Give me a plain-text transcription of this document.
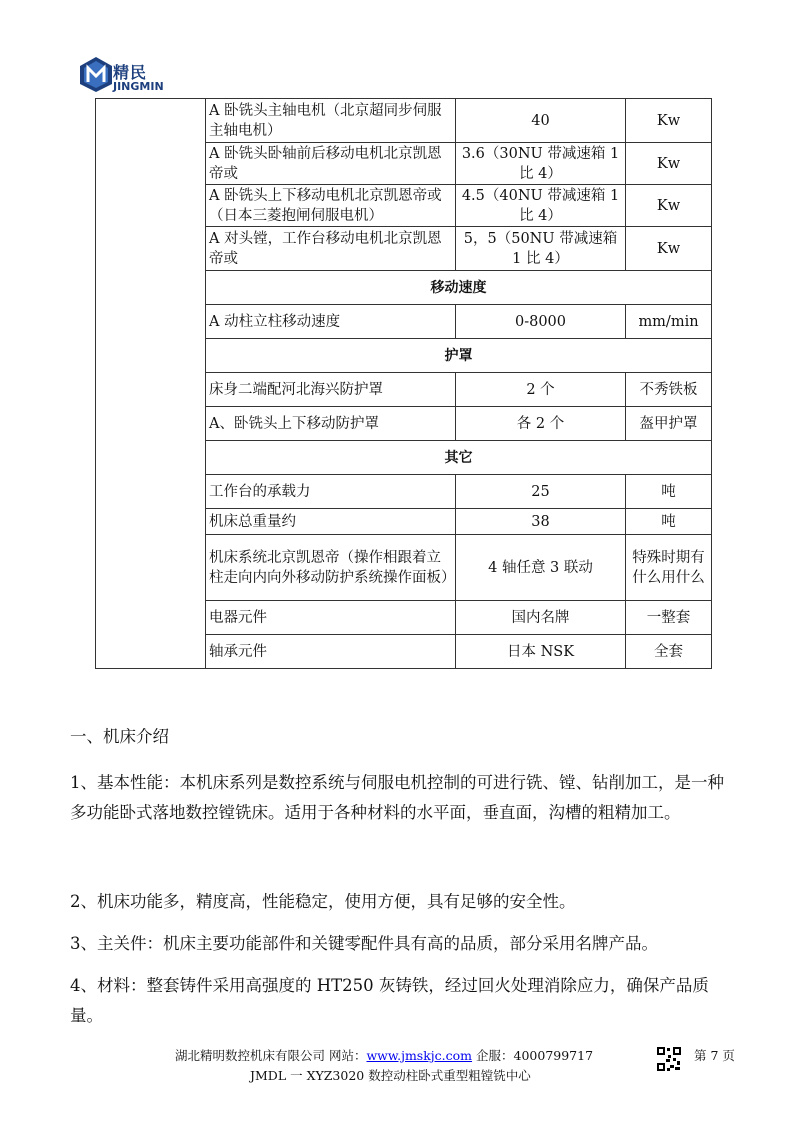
精民
JINGMIN
	A 卧铣头主轴电机（北京超同步伺服主轴电机）	40	Kw
	A 卧铣头卧轴前后移动电机北京凯恩帝或	3.6（30NU 带减速箱 1 比 4）	Kw
	A 卧铣头上下移动电机北京凯恩帝或（日本三菱抱闸伺服电机）	4.5（40NU 带减速箱 1 比 4）	Kw
	A 对头镗，工作台移动电机北京凯恩帝或	5，5（50NU 带减速箱 1 比 4）	Kw
	移动速度		
	A 动柱立柱移动速度	0-8000	mm/min
	护罩		
	床身二端配河北海兴防护罩	2 个	不秀铁板
	A、卧铣头上下移动防护罩	各 2 个	盔甲护罩
	其它		
	工作台的承载力	25	吨
	机床总重量约	38	吨
	机床系统北京凯恩帝（操作相跟着立柱走向内向外移动防护系统操作面板）	4 轴任意 3 联动	特殊时期有什么用什么
	电器元件	国内名牌	一整套
	轴承元件	日本 NSK	全套
一、机床介绍
1、基本性能：本机床系列是数控系统与伺服电机控制的可进行铣、镗、钻削加工，是一种多功能卧式落地数控镗铣床。适用于各种材料的水平面，垂直面，沟槽的粗精加工。
2、机床功能多，精度高，性能稳定，使用方便，具有足够的安全性。
3、主关件：机床主要功能部件和关键零配件具有高的品质，部分采用名牌产品。
4、材料：整套铸件采用高强度的 HT250 灰铸铁，经过回火处理消除应力，确保产品质量。
湖北精明数控机床有限公司 网站：www.jmskjc.com 企服：4000799717	第 7 页
JMDL 一 XYZ3020 数控动柱卧式重型粗镗铣中心
